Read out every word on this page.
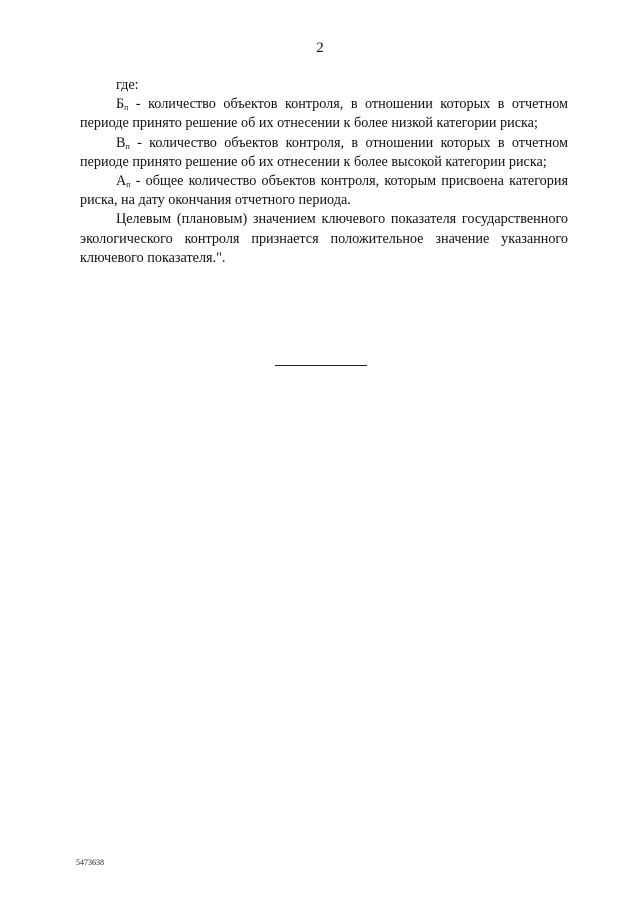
2

где:

$Б_п$ - количество объектов контроля, в отношении которых в отчетном периоде принято решение об их отнесении к более низкой категории риска;

$В_п$ - количество объектов контроля, в отношении которых в отчетном периоде принято решение об их отнесении к более высокой категории риска;

$А_п$ - общее количество объектов контроля, которым присвоена категория риска, на дату окончания отчетного периода.

Целевым (плановым) значением ключевого показателя государственного экологического контроля признается положительное значение указанного ключевого показателя.".

5473638
